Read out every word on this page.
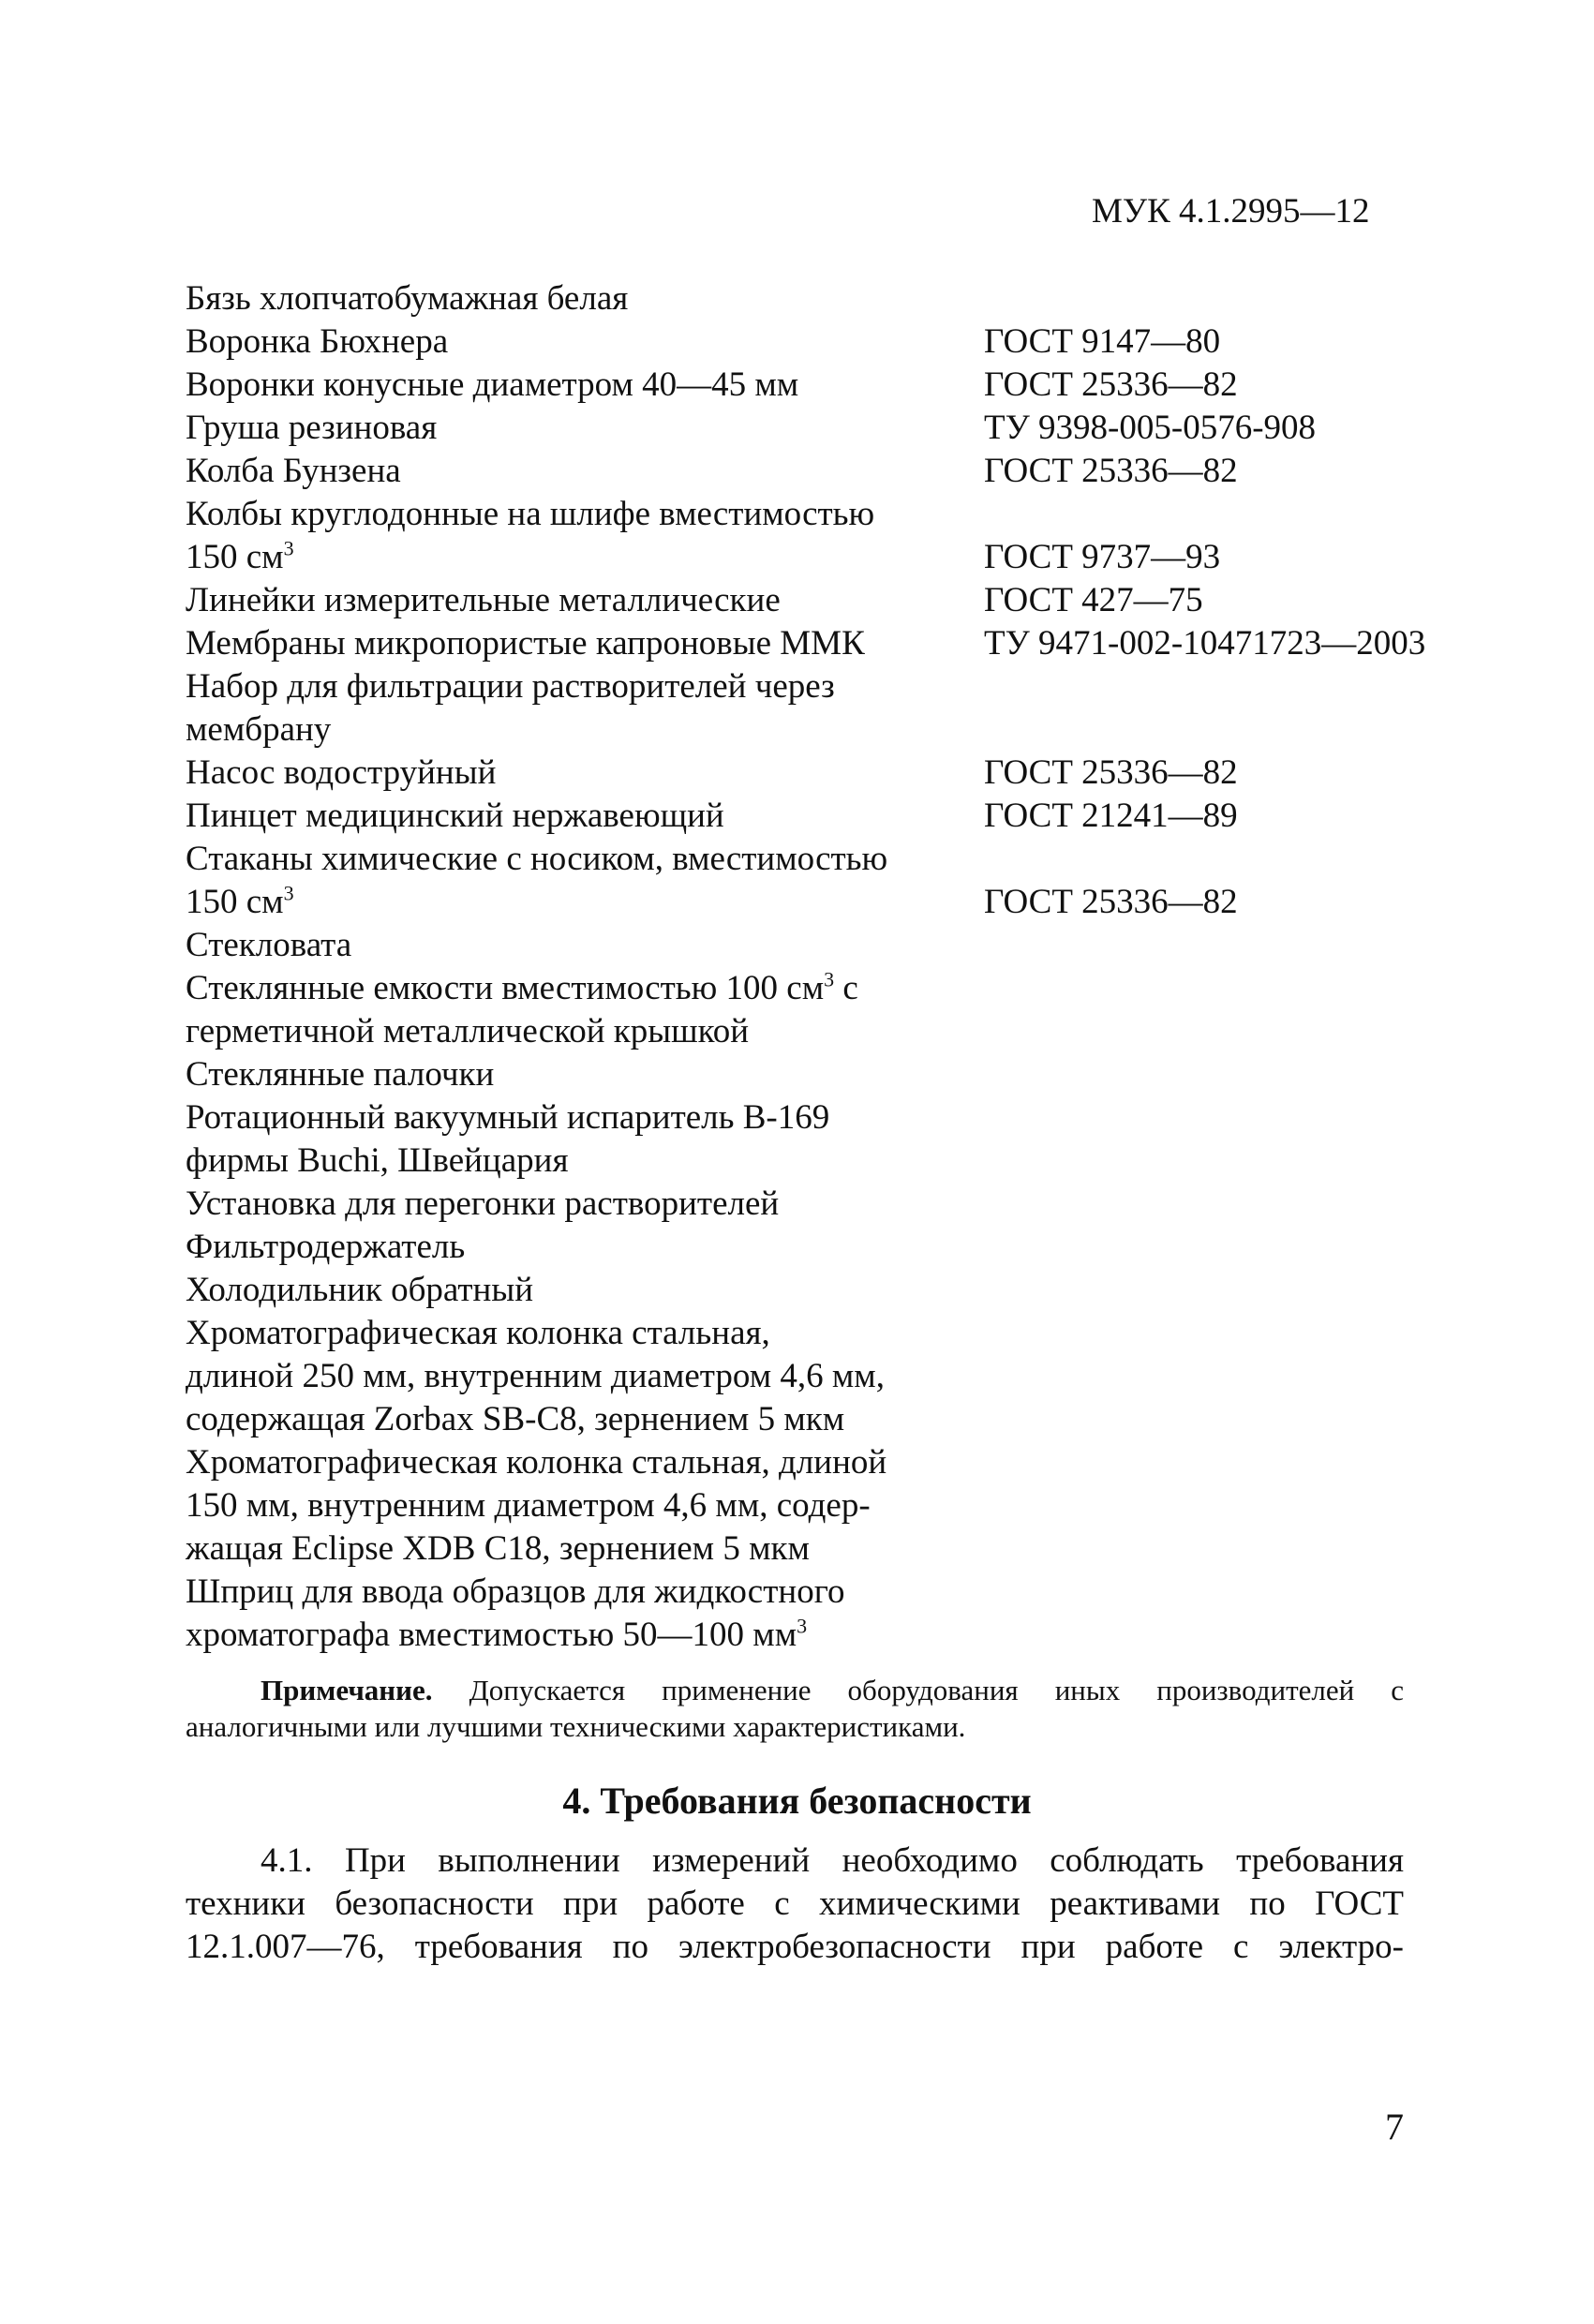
МУК 4.1.2995—12
Бязь хлопчатобумажная белая
Воронка Бюхнера	ГОСТ 9147—80
Воронки конусные диаметром 40—45 мм	ГОСТ 25336—82
Груша резиновая	ТУ 9398-005-0576-908
Колба Бунзена	ГОСТ 25336—82
Колбы круглодонные на шлифе вместимостью
150 $см^3$	ГОСТ 9737—93
Линейки измерительные металлические	ГОСТ 427—75
Мембраны микропористые капроновые ММК	ТУ 9471-002-10471723—2003
Набор для фильтрации растворителей через
мембрану
Насос водоструйный	ГОСТ 25336—82
Пинцет медицинский нержавеющий	ГОСТ 21241—89
Стаканы химические с носиком, вместимостью
150 $см^3$	ГОСТ 25336—82
Стекловата
Стеклянные емкости вместимостью 100 $см^3$ с
герметичной металлической крышкой
Стеклянные палочки
Ротационный вакуумный испаритель В-169
фирмы Buchi, Швейцария
Установка для перегонки растворителей
Фильтродержатель
Холодильник обратный
Хроматографическая колонка стальная,
длиной 250 мм, внутренним диаметром 4,6 мм,
содержащая Zorbax SB-C8, зернением 5 мкм
Хроматографическая колонка стальная, длиной
150 мм, внутренним диаметром 4,6 мм, содер-
жащая Eclipse XDB C18, зернением 5 мкм
Шприц для ввода образцов для жидкостного
хроматографа вместимостью 50—100 $мм^3$
Примечание. Допускается применение оборудования иных производителей с аналогичными или лучшими техническими характеристиками.
4. Требования безопасности
4.1. При выполнении измерений необходимо соблюдать требования
техники безопасности при работе с химическими реактивами по ГОСТ
12.1.007—76, требования по электробезопасности при работе с электро-
7
